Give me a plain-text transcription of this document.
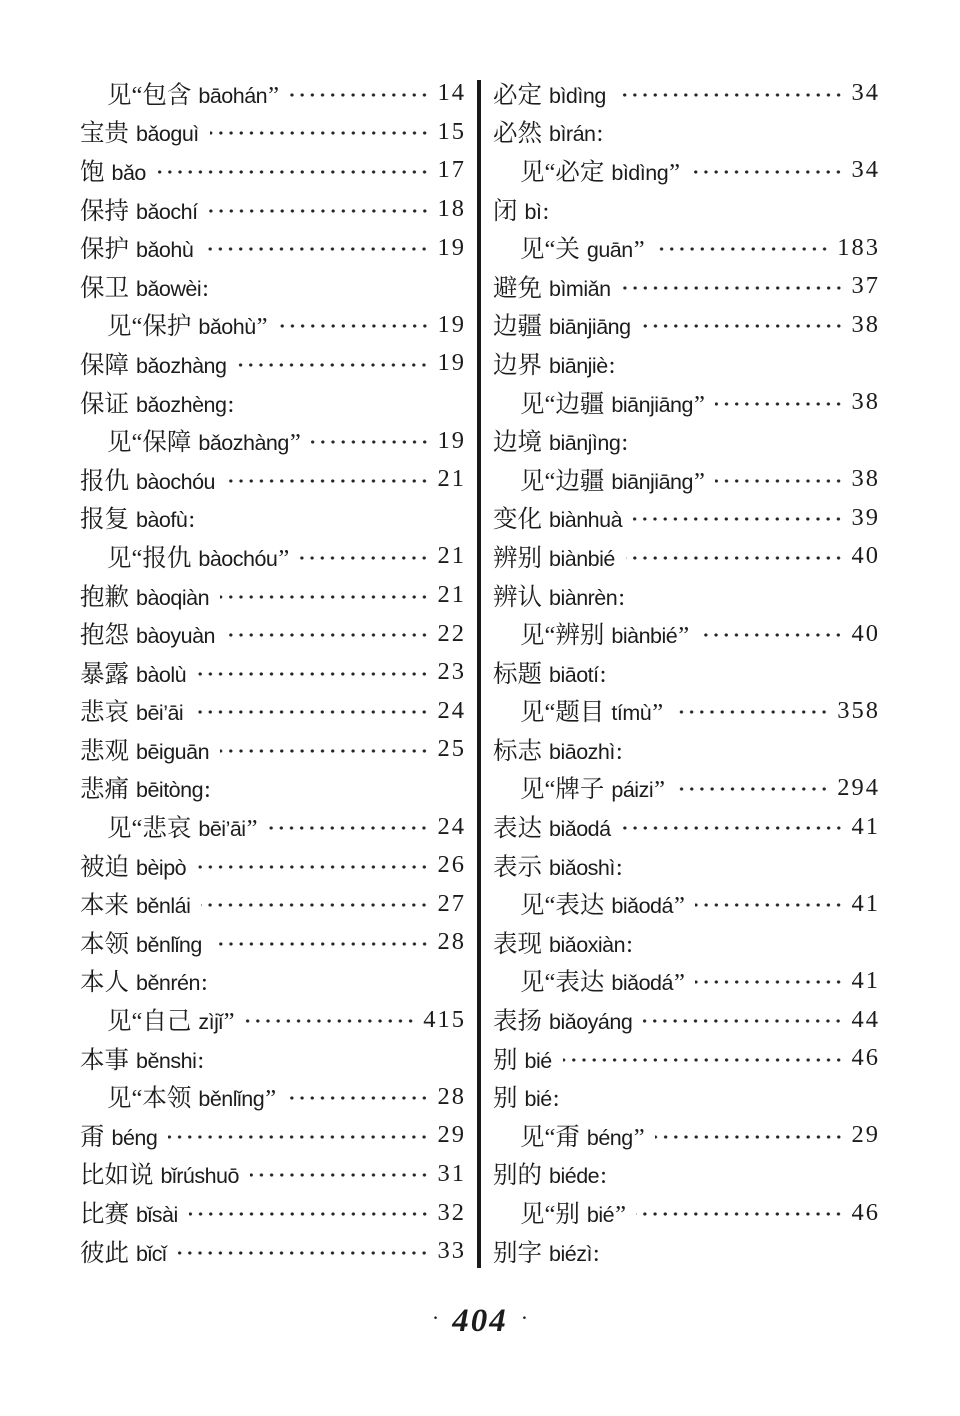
见“ 包含 bāohán ”	14
宝贵 bǎoguì	15
饱 bǎo	17
保持 bǎochí	18
保护 bǎohù	19
保卫 bǎowèi :
见“ 保护 bǎohù ”	19
保障 bǎozhàng	19
保证 bǎozhèng :
见“ 保障 bǎozhàng ”	19
报仇 bàochóu	21
报复 bàofù :
见“ 报仇 bàochóu ”	21
抱歉 bàoqiàn	21
抱怨 bàoyuàn	22
暴露 bàolù	23
悲哀 bēi’āi	24
悲观 bēiguān	25
悲痛 bēitòng :
见“ 悲哀 bēi’āi ”	24
被迫 bèipò	26
本来 běnlái	27
本领 běnlǐng	28
本人 běnrén :
见“ 自己 zìjǐ ”	415
本事 běnshi :
见“ 本领 běnlǐng ”	28
甭 béng	29
比如说 bǐrúshuō	31
比赛 bǐsài	32
彼此 bǐcǐ	33
必定 bìdìng	34
必然 bìrán :
见“ 必定 bìdìng ”	34
闭 bì :
见“ 关 guān ”	183
避免 bìmiǎn	37
边疆 biānjiāng	38
边界 biānjiè :
见“ 边疆 biānjiāng ”	38
边境 biānjìng :
见“ 边疆 biānjiāng ”	38
变化 biànhuà	39
辨别 biànbié	40
辨认 biànrèn :
见“ 辨别 biànbié ”	40
标题 biāotí :
见“ 题目 tímù ”	358
标志 biāozhì :
见“ 牌子 páizi ”	294
表达 biǎodá	41
表示 biǎoshì :
见“ 表达 biǎodá ”	41
表现 biǎoxiàn :
见“ 表达 biǎodá ”	41
表扬 biǎoyáng	44
别 bié	46
别 bié :
见“ 甭 béng ”	29
别的 biéde :
见“ 别 bié ”	46
别字 biézì :
· 404 ·
